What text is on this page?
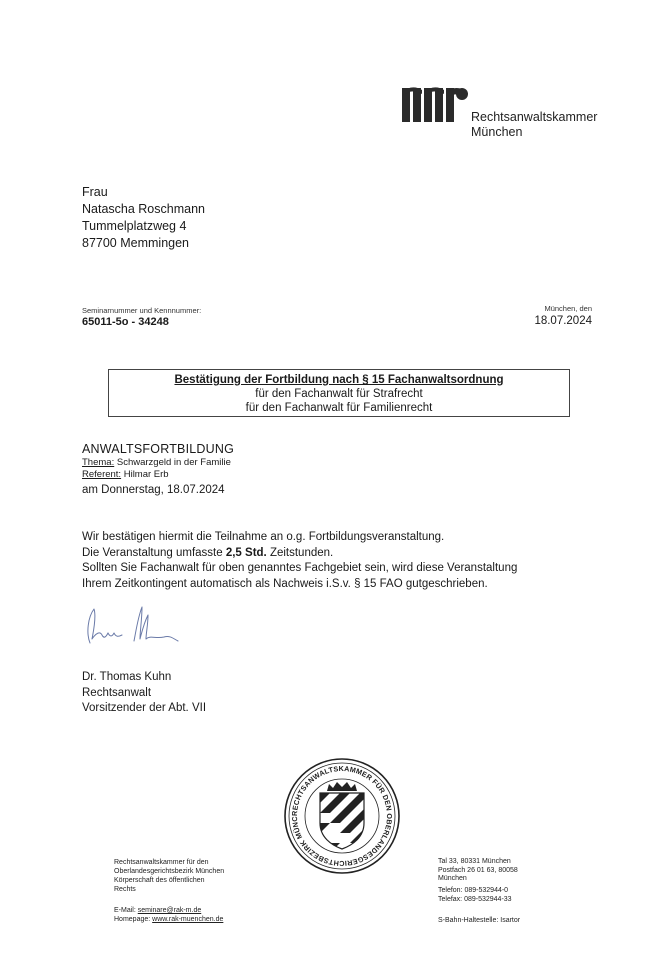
Rechtsanwaltskammer
München
Frau
Natascha Roschmann
Tummelplatzweg 4
87700 Memmingen
Seminarnummer und Kennnummer:
65011-5o - 34248
München, den
18.07.2024
Bestätigung der Fortbildung nach § 15 Fachanwaltsordnung
für den Fachanwalt für Strafrecht
für den Fachanwalt für Familienrecht
ANWALTSFORTBILDUNG
Thema: Schwarzgeld in der Familie
Referent: Hilmar Erb
am Donnerstag, 18.07.2024
Wir bestätigen hiermit die Teilnahme an o.g. Fortbildungsveranstaltung.
Die Veranstaltung umfasste 2,5 Std. Zeitstunden.
Sollten Sie Fachanwalt für oben genanntes Fachgebiet sein, wird diese Veranstaltung
Ihrem Zeitkontingent automatisch als Nachweis i.S.v. § 15 FAO gutgeschrieben.
Dr. Thomas Kuhn
Rechtsanwalt
Vorsitzender der Abt. VII
RECHTSANWALTSKAMMER FÜR DEN OBERLANDESGERICHTSBEZIRK MÜNC
Rechtsanwaltskammer für den
Oberlandesgerichtsbezirk München
Körperschaft des öffentlichen
Rechts
E-Mail: seminare@rak-m.de
Homepage: www.rak-muenchen.de
Tal 33, 80331 München
Postfach 26 01 63, 80058
München
Telefon: 089-532944-0
Telefax: 089-532944-33
S-Bahn-Haltestelle: Isartor
